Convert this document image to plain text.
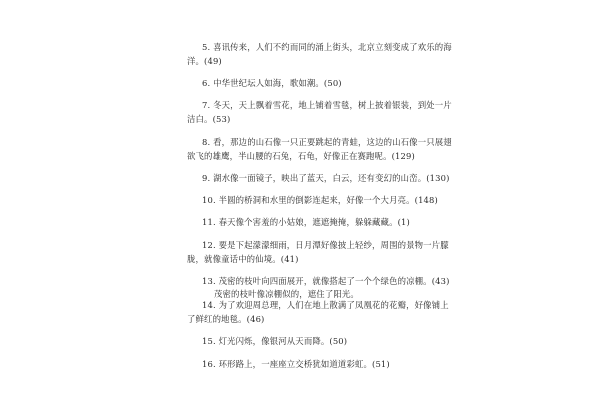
5. 喜讯传来，人们不约而同的涌上街头，北京立刻变成了欢乐的海
洋。(49)
6. 中华世纪坛人如海，歌如潮。(50)
7. 冬天，天上飘着雪花，地上铺着雪毯，树上披着银装，到处一片
洁白。(53)
8. 看，那边的山石像一只正要跳起的青蛙，这边的山石像一只展翅
欲飞的雄鹰，半山腰的石兔，石龟，好像正在赛跑呢。(129)
9. 湖水像一面镜子，映出了蓝天，白云，还有变幻的山峦。(130)
10. 半圆的桥洞和水里的倒影连起来，好像一个大月亮。(148)
11. 春天像个害羞的小姑娘，遮遮掩掩，躲躲藏藏。(1)
12. 要是下起濛濛细雨，日月潭好像披上轻纱，周围的景物一片朦
胧，就像童话中的仙境。(41)
13. 茂密的枝叶向四面展开，就像搭起了一个个绿色的凉棚。(43)
茂密的枝叶像凉棚似的，遮住了阳光。
14. 为了欢迎周总理，人们在地上散满了凤凰花的花瓣，好像铺上
了鲜红的地毯。(46)
15. 灯光闪烁，像银河从天而降。(50)
16. 环形路上，一座座立交桥犹如道道彩虹。(51)
